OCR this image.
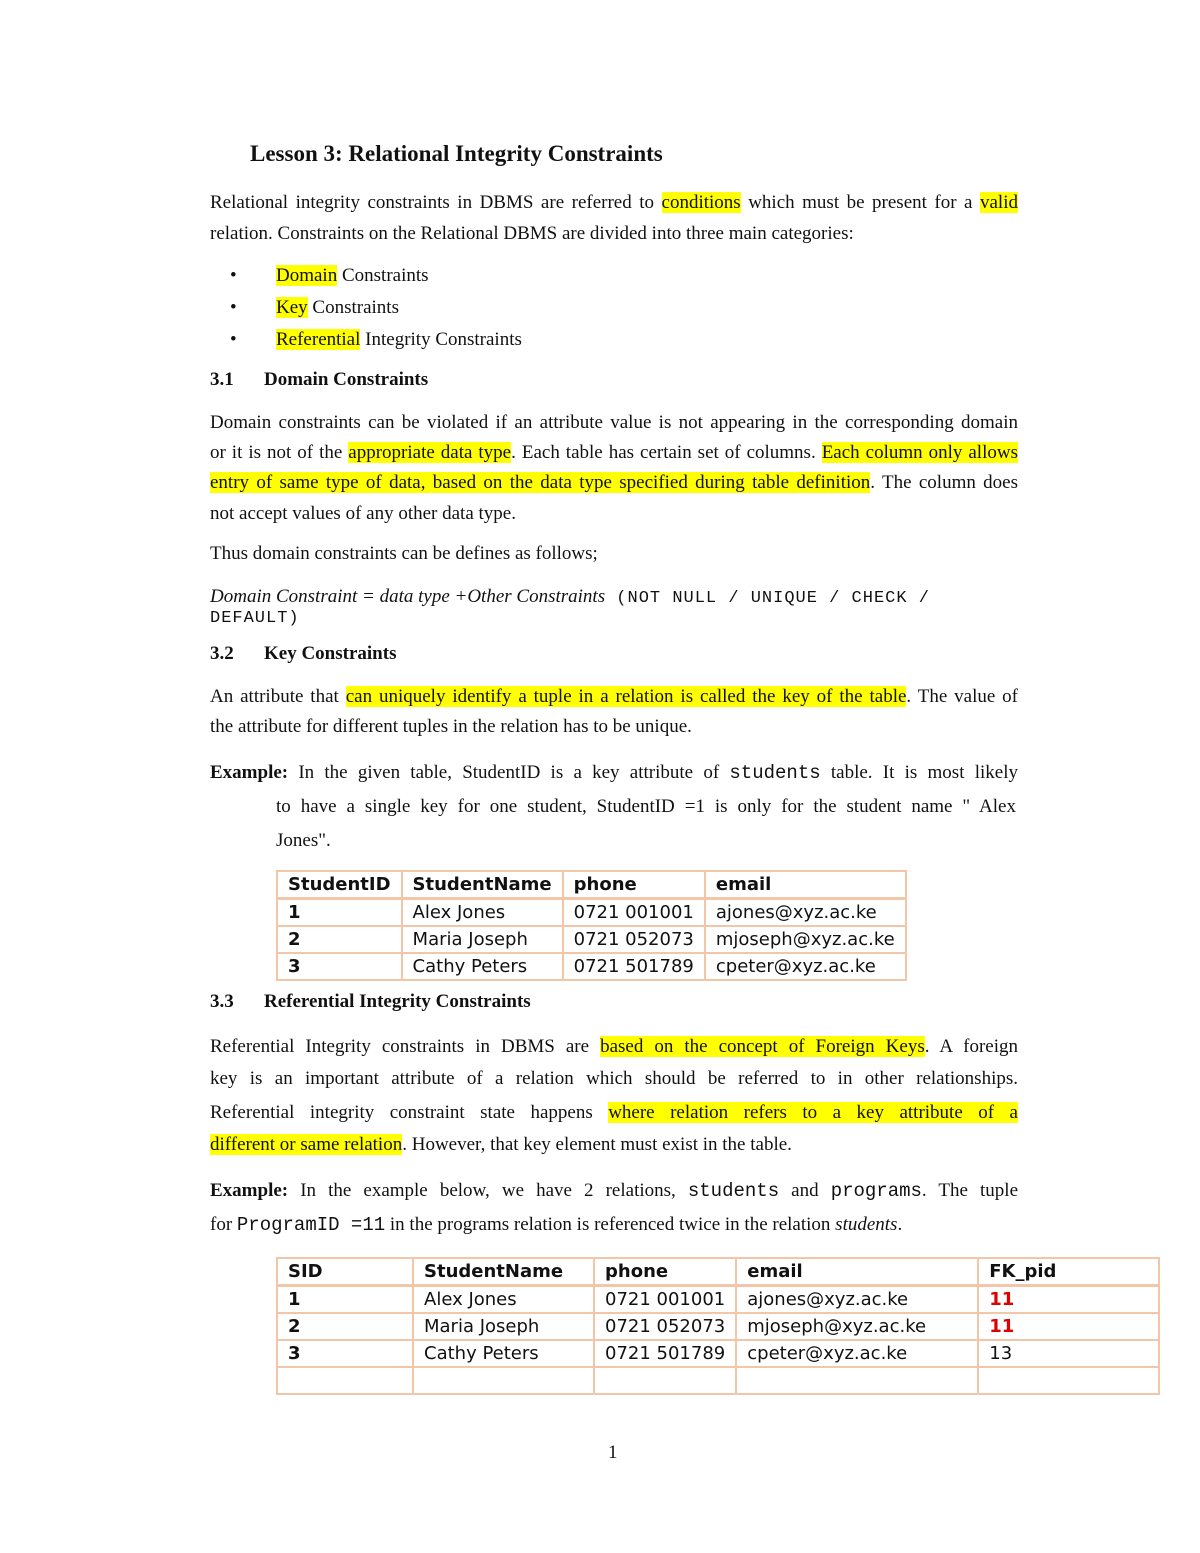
Lesson 3: Relational Integrity Constraints
Relational integrity constraints in DBMS are referred to conditions which must be present for a valid
relation. Constraints on the Relational DBMS are divided into three main categories:
• Domain Constraints
• Key Constraints
• Referential Integrity Constraints
3.1 Domain Constraints
Domain constraints can be violated if an attribute value is not appearing in the corresponding domain
or it is not of the appropriate data type. Each table has certain set of columns. Each column only allows
entry of same type of data, based on the data type specified during table definition. The column does
not accept values of any other data type.
Thus domain constraints can be defines as follows;
Domain Constraint = data type +Other Constraints (NOT NULL / UNIQUE / CHECK /
DEFAULT)
3.2 Key Constraints
An attribute that can uniquely identify a tuple in a relation is called the key of the table. The value of
the attribute for different tuples in the relation has to be unique.
Example: In the given table, StudentID is a key attribute of students table. It is most likely
to have a single key for one student, StudentID =1 is only for the student name " Alex
Jones".
StudentID	StudentName	phone	email
1	Alex Jones	0721 001001	ajones@xyz.ac.ke
2	Maria Joseph	0721 052073	mjoseph@xyz.ac.ke
3	Cathy Peters	0721 501789	cpeter@xyz.ac.ke
3.3 Referential Integrity Constraints
Referential Integrity constraints in DBMS are based on the concept of Foreign Keys. A foreign
key is an important attribute of a relation which should be referred to in other relationships.
Referential integrity constraint state happens where relation refers to a key attribute of a
different or same relation. However, that key element must exist in the table.
Example: In the example below, we have 2 relations, students and programs. The tuple
for ProgramID =11 in the programs relation is referenced twice in the relation students.
SID	StudentName	phone	email	FK_pid
1	Alex Jones	0721 001001	ajones@xyz.ac.ke	11
2	Maria Joseph	0721 052073	mjoseph@xyz.ac.ke	11
3	Cathy Peters	0721 501789	cpeter@xyz.ac.ke	13

1
